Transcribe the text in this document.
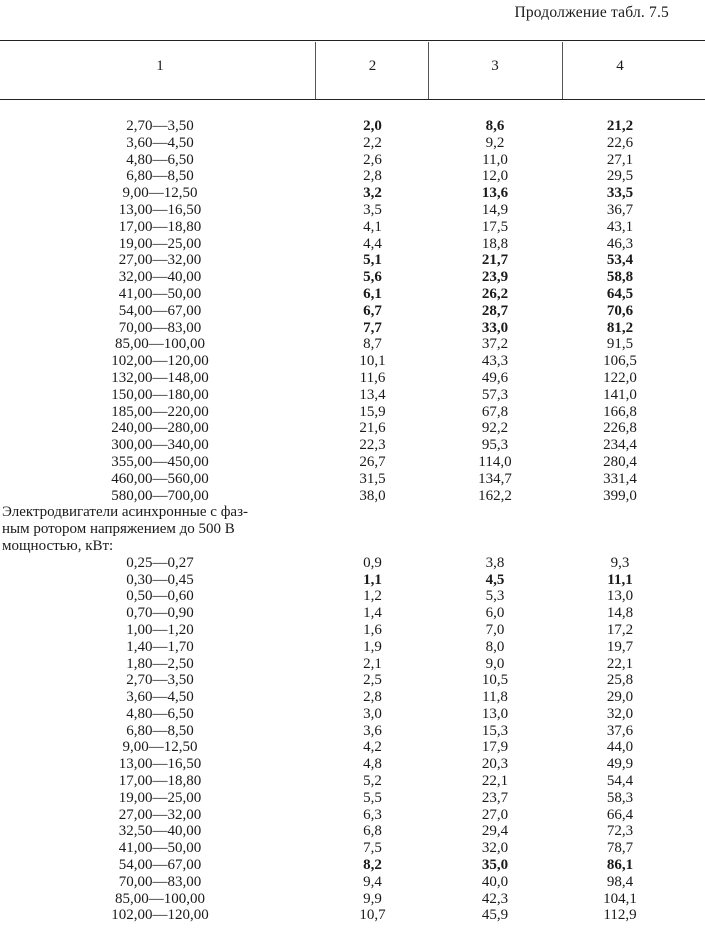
Продолжение табл. 7.5
1	2	3	4
2,70—3,50	2,0	8,6	21,2
3,60—4,50	2,2	9,2	22,6
4,80—6,50	2,6	11,0	27,1
6,80—8,50	2,8	12,0	29,5
9,00—12,50	3,2	13,6	33,5
13,00—16,50	3,5	14,9	36,7
17,00—18,80	4,1	17,5	43,1
19,00—25,00	4,4	18,8	46,3
27,00—32,00	5,1	21,7	53,4
32,00—40,00	5,6	23,9	58,8
41,00—50,00	6,1	26,2	64,5
54,00—67,00	6,7	28,7	70,6
70,00—83,00	7,7	33,0	81,2
85,00—100,00	8,7	37,2	91,5
102,00—120,00	10,1	43,3	106,5
132,00—148,00	11,6	49,6	122,0
150,00—180,00	13,4	57,3	141,0
185,00—220,00	15,9	67,8	166,8
240,00—280,00	21,6	92,2	226,8
300,00—340,00	22,3	95,3	234,4
355,00—450,00	26,7	114,0	280,4
460,00—560,00	31,5	134,7	331,4
580,00—700,00	38,0	162,2	399,0
Электродвигатели асинхронные с фаз-
ным ротором напряжением до 500 В
мощностью, кВт:
0,25—0,27	0,9	3,8	9,3
0,30—0,45	1,1	4,5	11,1
0,50—0,60	1,2	5,3	13,0
0,70—0,90	1,4	6,0	14,8
1,00—1,20	1,6	7,0	17,2
1,40—1,70	1,9	8,0	19,7
1,80—2,50	2,1	9,0	22,1
2,70—3,50	2,5	10,5	25,8
3,60—4,50	2,8	11,8	29,0
4,80—6,50	3,0	13,0	32,0
6,80—8,50	3,6	15,3	37,6
9,00—12,50	4,2	17,9	44,0
13,00—16,50	4,8	20,3	49,9
17,00—18,80	5,2	22,1	54,4
19,00—25,00	5,5	23,7	58,3
27,00—32,00	6,3	27,0	66,4
32,50—40,00	6,8	29,4	72,3
41,00—50,00	7,5	32,0	78,7
54,00—67,00	8,2	35,0	86,1
70,00—83,00	9,4	40,0	98,4
85,00—100,00	9,9	42,3	104,1
102,00—120,00	10,7	45,9	112,9
